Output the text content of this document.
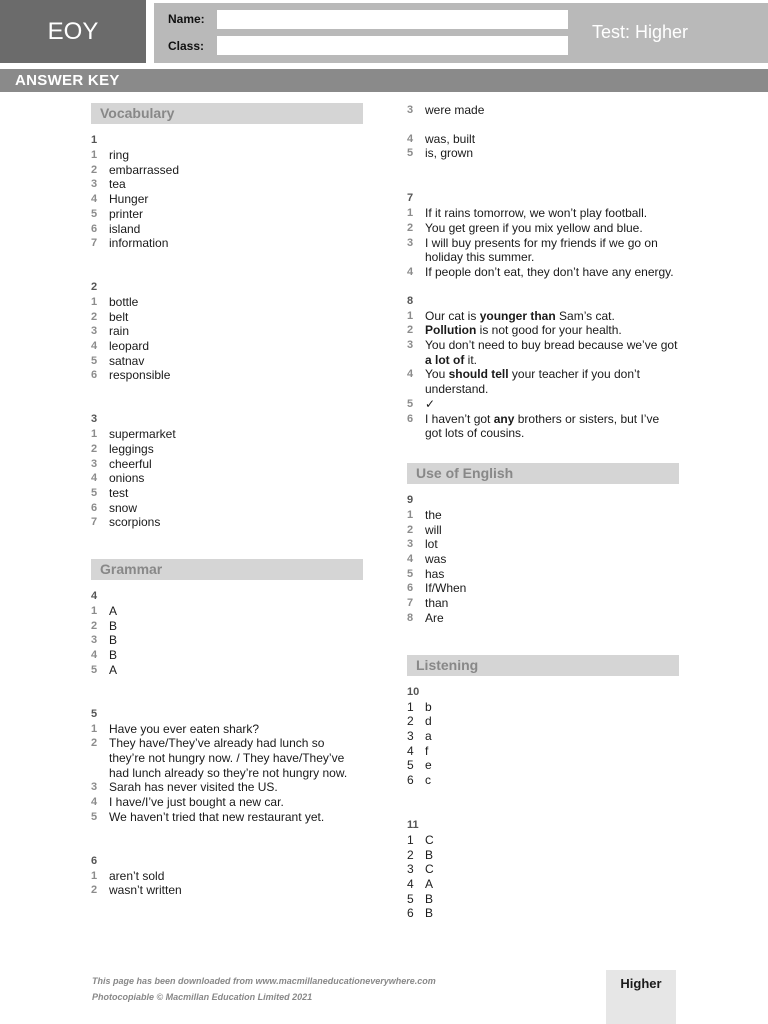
EOY	Name:
Class:
Test: Higher
ANSWER KEY
Vocabulary
1
1 ring
2 embarrassed
3 tea
4 Hunger
5 printer
6 island
7 information
2
1 bottle
2 belt
3 rain
4 leopard
5 satnav
6 responsible
3
1 supermarket
2 leggings
3 cheerful
4 onions
5 test
6 snow
7 scorpions
Grammar
4
1 A
2 B
3 B
4 B
5 A
5
1 Have you ever eaten shark?
2 They have/They’ve already had lunch so they’re not hungry now. / They have/They’ve had lunch already so they’re not hungry now.
3 Sarah has never visited the US.
4 I have/I’ve just bought a new car.
5 We haven’t tried that new restaurant yet.
6
1 aren’t sold
2 wasn’t written
3 were made
4 was, built
5 is, grown
7
1 If it rains tomorrow, we won’t play football.
2 You get green if you mix yellow and blue.
3 I will buy presents for my friends if we go on holiday this summer.
4 If people don’t eat, they don’t have any energy.
8
1 Our cat is younger than Sam’s cat.
2 Pollution is not good for your health.
3 You don’t need to buy bread because we’ve got a lot of it.
4 You should tell your teacher if you don’t understand.
5 ✓
6 I haven’t got any brothers or sisters, but I’ve got lots of cousins.
Use of English
9
1 the
2 will
3 lot
4 was
5 has
6 If/When
7 than
8 Are
Listening
10
1 b
2 d
3 a
4 f
5 e
6 c
11
1 C
2 B
3 C
4 A
5 B
6 B
This page has been downloaded from www.macmillaneducationeverywhere.com
Photocopiable © Macmillan Education Limited 2021
Higher
